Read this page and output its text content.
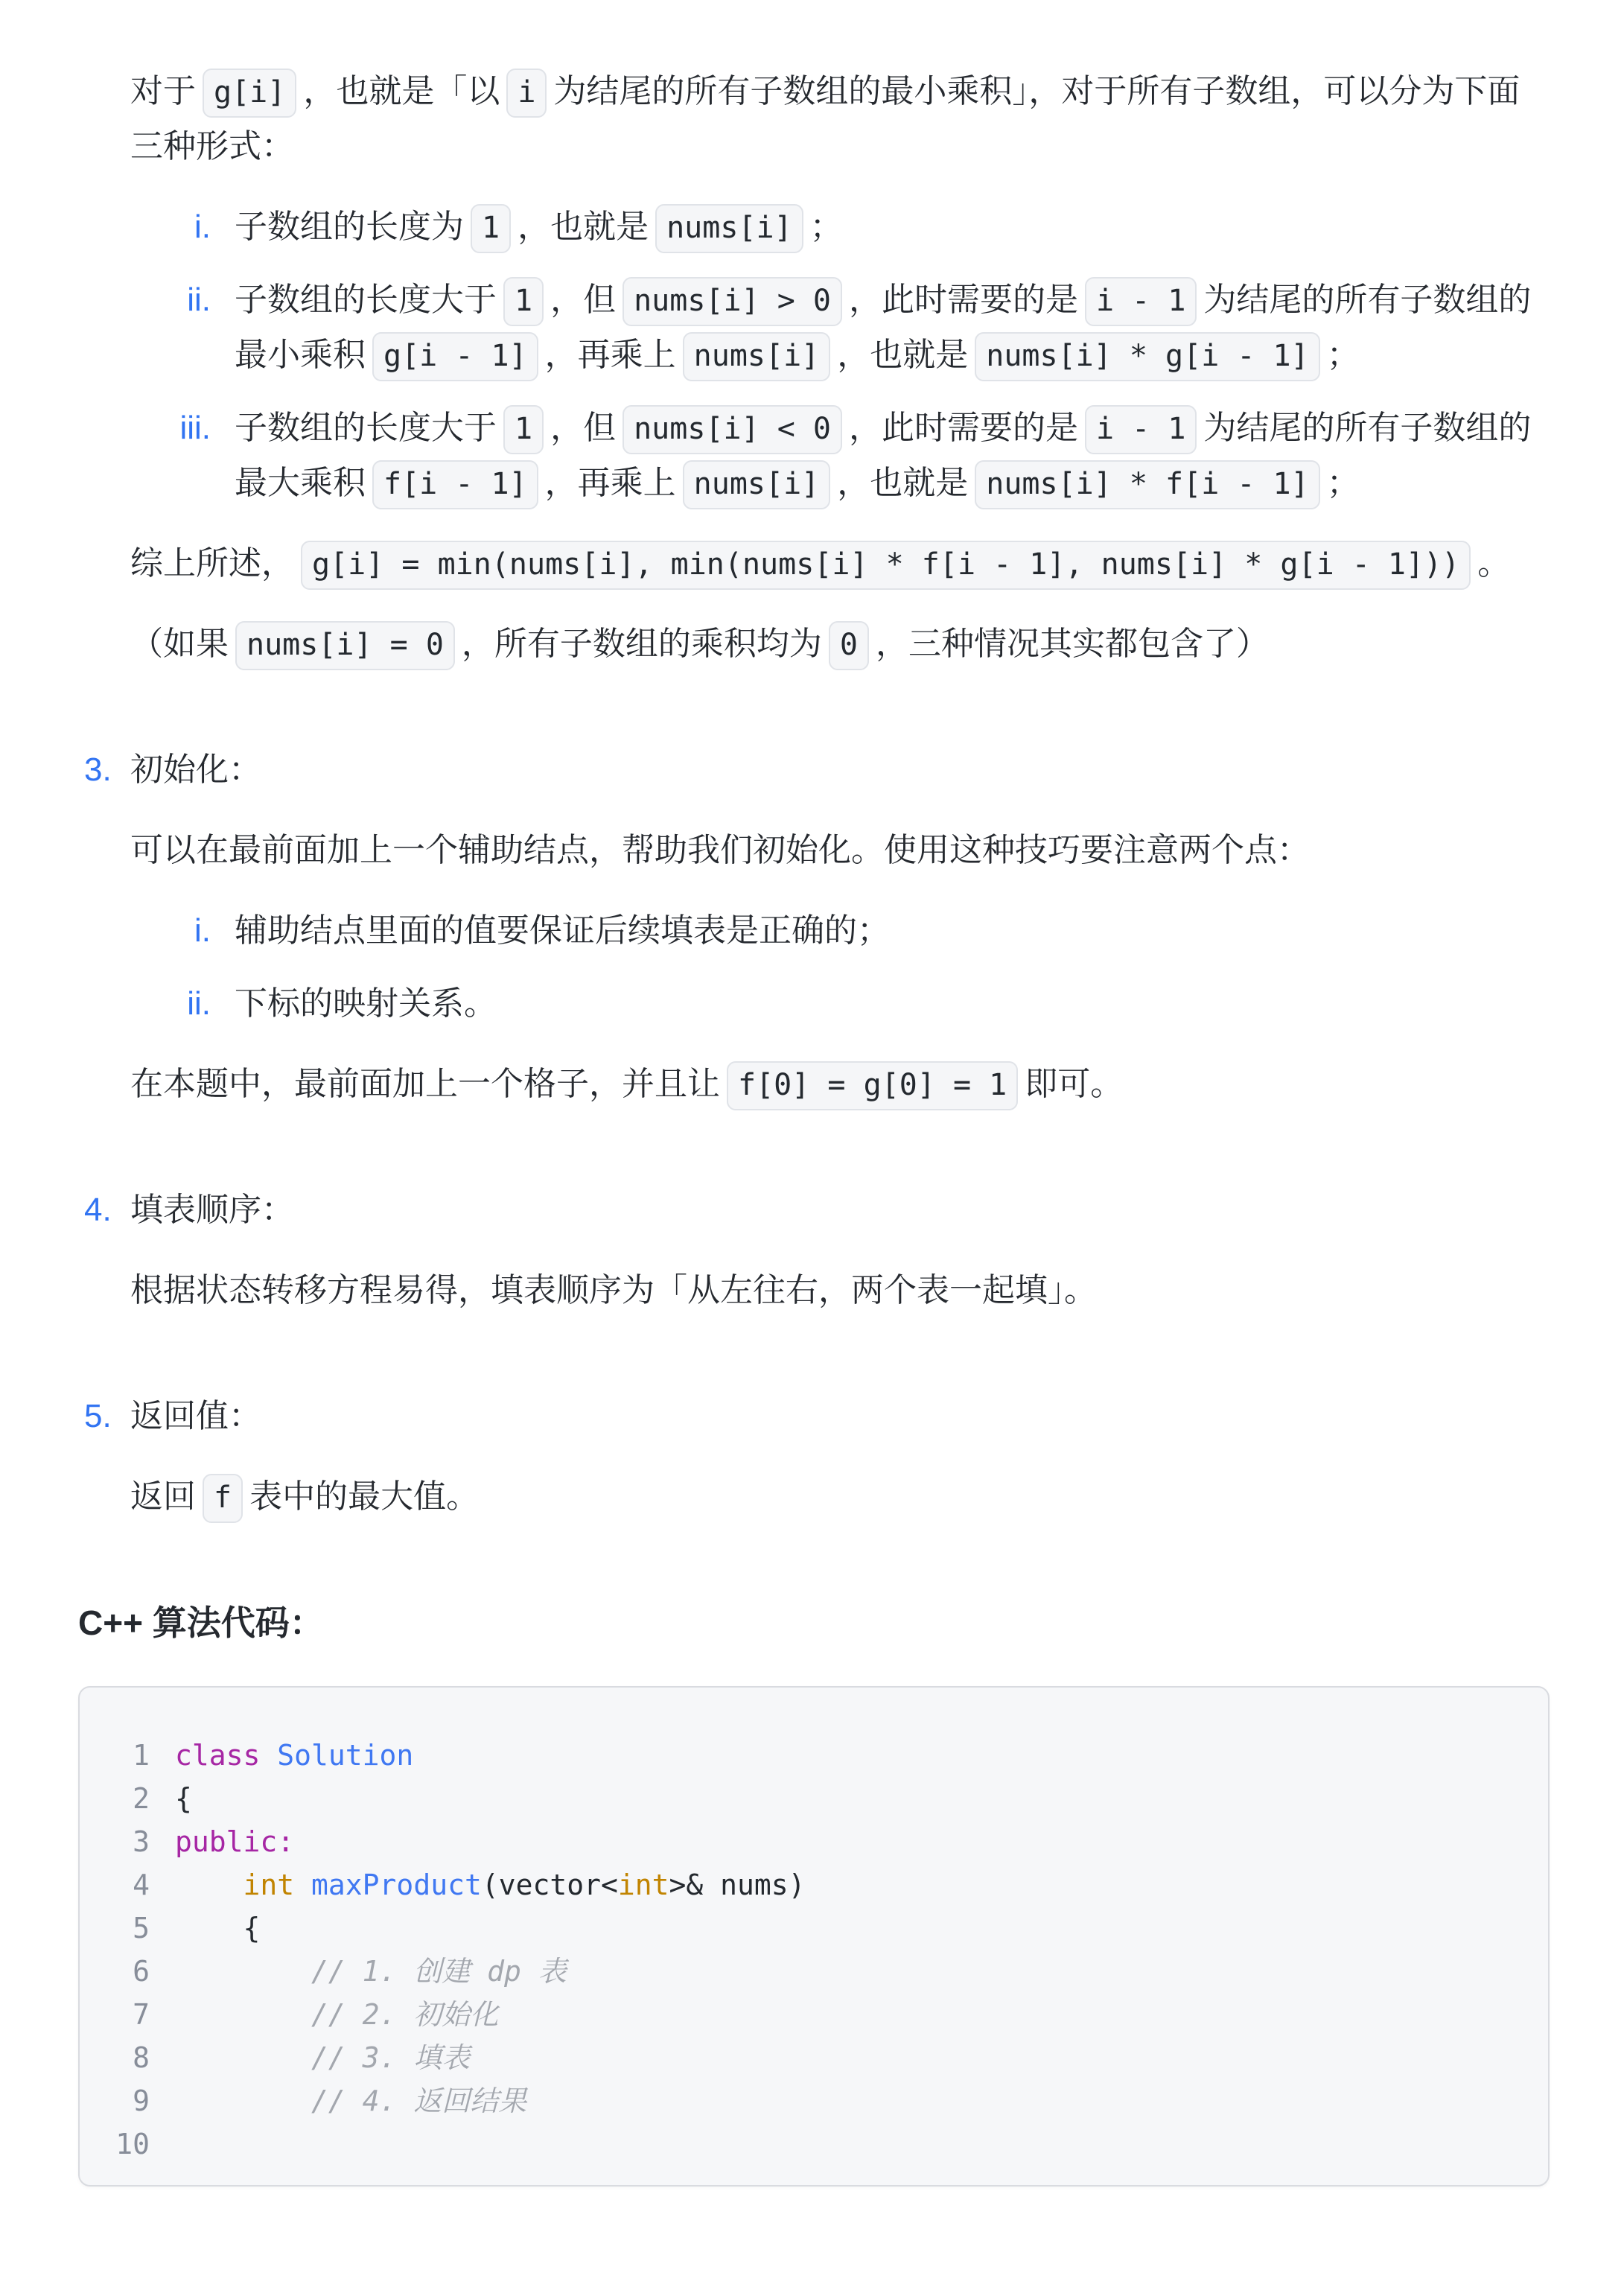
对于 g[i] ，也就是「以 i 为结尾的所有子数组的最小乘积」，对于所有子数组，可以分为下面三种形式：

i. 子数组的长度为 1 ，也就是 nums[i] ；
ii. 子数组的长度大于 1 ，但 nums[i] > 0 ，此时需要的是 i - 1 为结尾的所有子数组的最小乘积 g[i - 1] ，再乘上 nums[i] ，也就是 nums[i] * g[i - 1] ；
iii. 子数组的长度大于 1 ，但 nums[i] < 0 ，此时需要的是 i - 1 为结尾的所有子数组的最大乘积 f[i - 1] ，再乘上 nums[i] ，也就是 nums[i] * f[i - 1] ；

综上所述， g[i] = min(nums[i], min(nums[i] * f[i - 1], nums[i] * g[i - 1])) 。

（如果 nums[i] = 0 ，所有子数组的乘积均为 0 ，三种情况其实都包含了）

3. 初始化：

可以在最前面加上一个辅助结点，帮助我们初始化。使用这种技巧要注意两个点：

i. 辅助结点里面的值要保证后续填表是正确的；
ii. 下标的映射关系。

在本题中，最前面加上一个格子，并且让 f[0] = g[0] = 1 即可。

4. 填表顺序：

根据状态转移方程易得，填表顺序为「从左往右，两个表一起填」。

5. 返回值：

返回 f 表中的最大值。

C++ 算法代码：

1 class Solution
2 {
3 public:
4	int maxProduct(vector<int>& nums)
5 {
6	// 1. 创建 dp 表
7	// 2. 初始化
8	// 3. 填表
9	// 4. 返回结果
10
